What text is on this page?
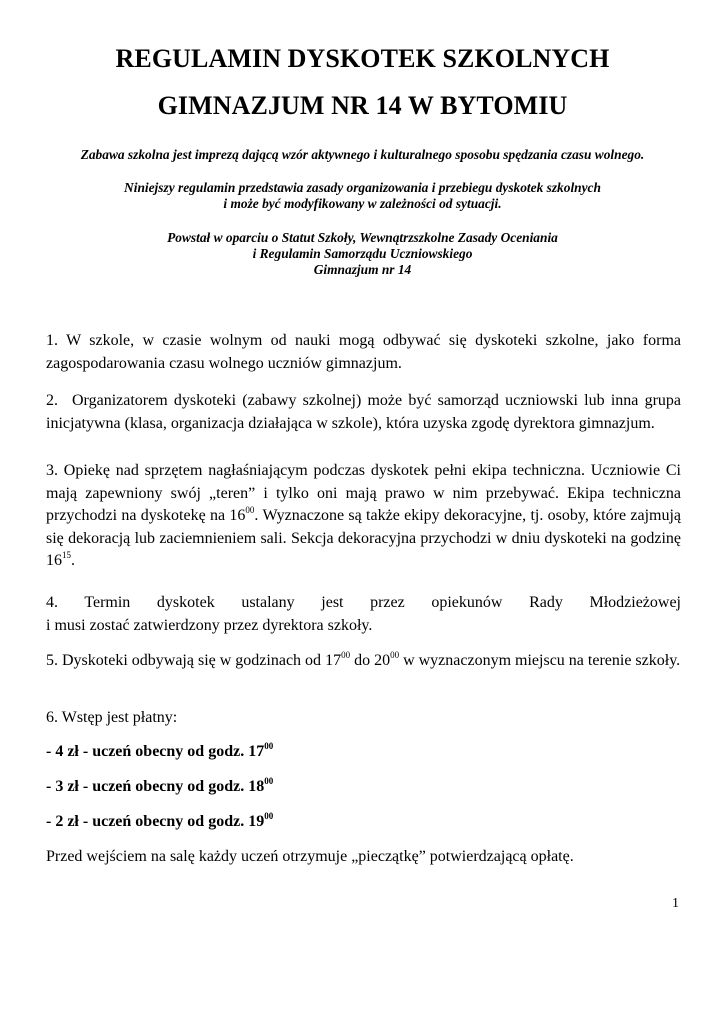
REGULAMIN DYSKOTEK SZKOLNYCH
GIMNAZJUM NR 14 W BYTOMIU
Zabawa szkolna jest imprezą dającą wzór aktywnego i kulturalnego sposobu spędzania czasu wolnego.
Niniejszy regulamin przedstawia zasady organizowania i przebiegu dyskotek szkolnych
i może być modyfikowany w zależności od sytuacji.
Powstał w oparciu o Statut Szkoły, Wewnątrzszkolne Zasady Oceniania
i Regulamin Samorządu Uczniowskiego
Gimnazjum nr 14

1. W szkole, w czasie wolnym od nauki mogą odbywać się dyskoteki szkolne, jako forma zagospodarowania czasu wolnego uczniów gimnazjum.

2. Organizatorem dyskoteki (zabawy szkolnej) może być samorząd uczniowski lub inna grupa inicjatywna (klasa, organizacja działająca w szkole), która uzyska zgodę dyrektora gimnazjum.

3. Opiekę nad sprzętem nagłaśniającym podczas dyskotek pełni ekipa techniczna. Uczniowie Ci mają zapewniony swój „teren” i tylko oni mają prawo w nim przebywać. Ekipa techniczna przychodzi na dyskotekę na $16^{00}$. Wyznaczone są także ekipy dekoracyjne, tj. osoby, które zajmują się dekoracją lub zaciemnieniem sali. Sekcja dekoracyjna przychodzi w dniu dyskoteki na godzinę $16^{15}$.

4. Termin dyskotek ustalany jest przez opiekunów Rady Młodzieżowej
i musi zostać zatwierdzony przez dyrektora szkoły.

5. Dyskoteki odbywają się w godzinach od $17^{00}$ do $20^{00}$ w wyznaczonym miejscu na terenie szkoły.

6. Wstęp jest płatny:

- 4 zł - uczeń obecny od godz. $17^{00}$
- 3 zł - uczeń obecny od godz. $18^{00}$
- 2 zł - uczeń obecny od godz. $19^{00}$

Przed wejściem na salę każdy uczeń otrzymuje „pieczątkę” potwierdzającą opłatę.

1
